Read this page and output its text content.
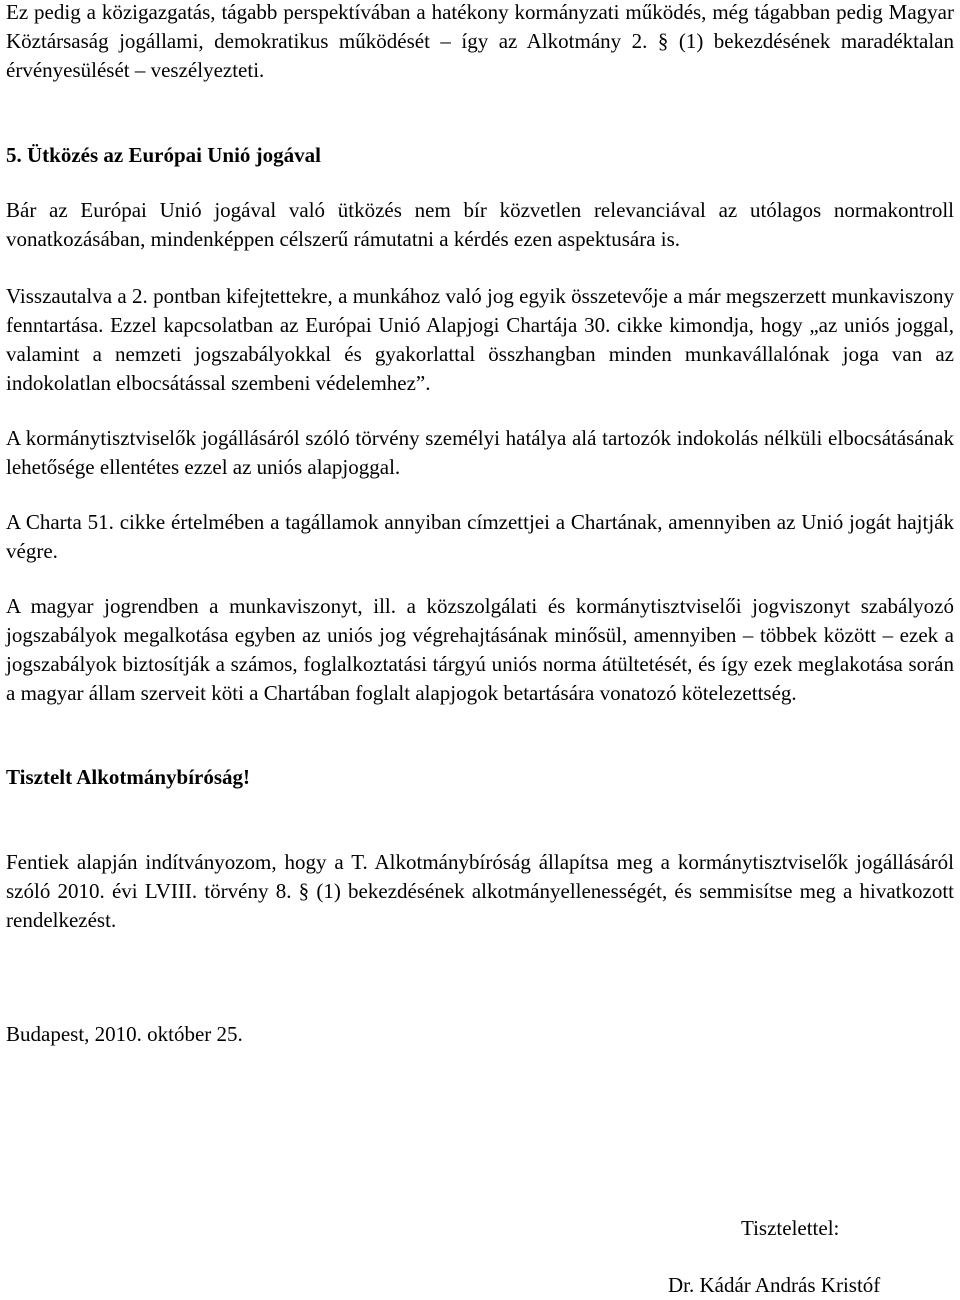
Ez pedig a közigazgatás, tágabb perspektívában a hatékony kormányzati működés, még tágabban pedig Magyar Köztársaság jogállami, demokratikus működését – így az Alkotmány 2. § (1) bekezdésének maradéktalan érvényesülését – veszélyezteti.

5. Ütközés az Európai Unió jogával

Bár az Európai Unió jogával való ütközés nem bír közvetlen relevanciával az utólagos normakontroll vonatkozásában, mindenképpen célszerű rámutatni a kérdés ezen aspektusára is.

Visszautalva a 2. pontban kifejtettekre, a munkához való jog egyik összetevője a már megszerzett munkaviszony fenntartása. Ezzel kapcsolatban az Európai Unió Alapjogi Chartája 30. cikke kimondja, hogy „az uniós joggal, valamint a nemzeti jogszabályokkal és gyakorlattal összhangban minden munkavállalónak joga van az indokolatlan elbocsátással szembeni védelemhez”.

A kormánytisztviselők jogállásáról szóló törvény személyi hatálya alá tartozók indokolás nélküli elbocsátásának lehetősége ellentétes ezzel az uniós alapjoggal.

A Charta 51. cikke értelmében a tagállamok annyiban címzettjei a Chartának, amennyiben az Unió jogát hajtják végre.

A magyar jogrendben a munkaviszonyt, ill. a közszolgálati és kormánytisztviselői jogviszonyt szabályozó jogszabályok megalkotása egyben az uniós jog végrehajtásának minősül, amennyiben – többek között – ezek a jogszabályok biztosítják a számos, foglalkoztatási tárgyú uniós norma átültetését, és így ezek meglakotása során a magyar állam szerveit köti a Chartában foglalt alapjogok betartására vonatozó kötelezettség.

Tisztelt Alkotmánybíróság!

Fentiek alapján indítványozom, hogy a T. Alkotmánybíróság állapítsa meg a kormánytisztviselők jogállásáról szóló 2010. évi LVIII. törvény 8. § (1) bekezdésének alkotmányellenességét, és semmisítse meg a hivatkozott rendelkezést.

Budapest, 2010. október 25.

Tisztelettel:
Dr. Kádár András Kristóf
